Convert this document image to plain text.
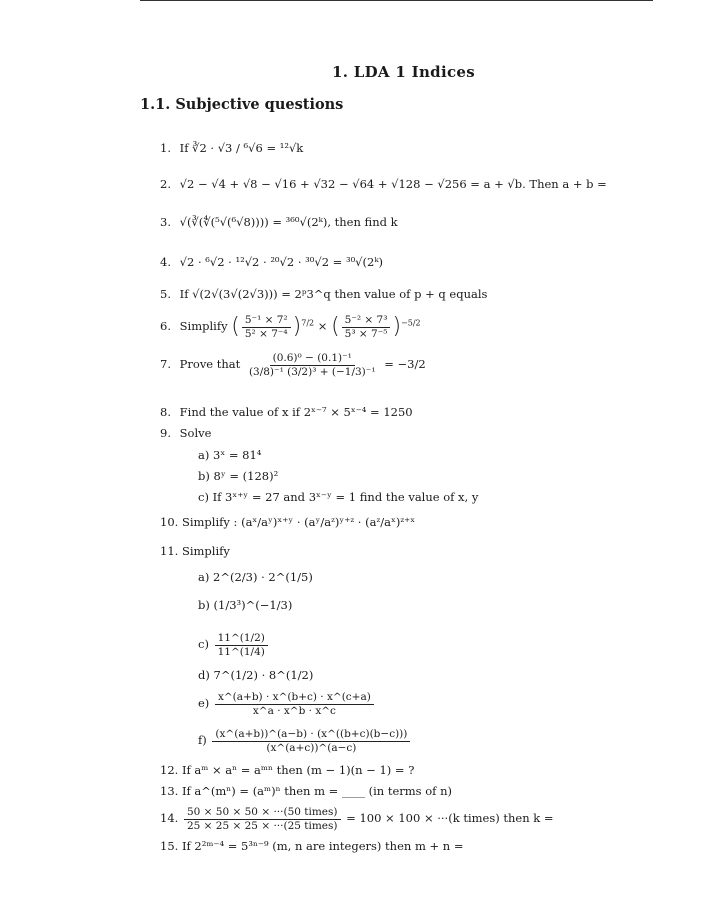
1. LDA 1 Indices
1.1. Subjective questions
1. If ∛2 · √3 / ⁶√6 = ¹²√k
2. √2 − √4 + √8 − √16 + √32 − √64 + √128 − √256 = a + √b. Then a + b =
3. √(∛(∜(⁵√(⁶√8)))) = ³⁶⁰√(2ᵏ), then find k
4. √2 · ⁶√2 · ¹²√2 · ²⁰√2 · ³⁰√2 = ³⁰√(2ᵏ)
5. If √(2√(3√(2√3))) = 2ᵖ3^q then value of p + q equals
6. Simplify ( $\frac{\text{5⁻¹ × 7²}}{\text{5² × 7⁻⁴}} )^{7/2}$ × ( $\frac{\text{5⁻² × 7³}}{\text{5³ × 7⁻⁵}} )^{-5/2}$
7. Prove that $\frac{\text{(0.6)⁰ − (0.1)⁻¹}}{\text{(3/8)⁻¹ (3/2)³ + (−1/3)⁻¹}} = -3/2$
8. Find the value of x if 2ˣ⁻⁷ × 5ˣ⁻⁴ = 1250
9. Solve
a) 3ˣ = 81⁴
b) 8ʸ = (128)²
c) If 3ˣ⁺ʸ = 27 and 3ˣ⁻ʸ = 1 find the value of x, y
10. Simplify : (aˣ/aʸ)ˣ⁺ʸ · (aʸ/aᶻ)ʸ⁺ᶻ · (aᶻ/aˣ)ᶻ⁺ˣ
11. Simplify
a) 2^(2/3) · 2^(1/5)
b) (1/3³)^(−1/3)
$c) \frac{11\^{}(1/2)}{11\^{}(1/4)}$
d) 7^(1/2) · 8^(1/2)
$e) \frac{x\^{}(a+b) \cdot x\^{}(b+c) \cdot x\^{}(c+a)}{x\^{}a \cdot x\^{}b \cdot x\^{}c}$
$f) \frac{(x\^{}(a+b))\^{}(a-b) \cdot (x\^{}((b+c)(b-c)))}{(x\^{}(a+c))\^{}(a-c)}$
12. If aᵐ × aⁿ = aᵐⁿ then (m − 1)(n − 1) = ?
13. If a^(mⁿ) = (aᵐ)ⁿ then m = ____ (in terms of n)
14. $\frac{\text{50 × 50 × 50 × ···(50 times)}}{\text{25 × 25 × 25 × ···(25 times)}} = 100 \times 100 \times \cdot\cdot\cdot(k$ times) then k =
15. If 2²ᵐ⁻⁴ = 5³ⁿ⁻⁹ (m, n are integers) then m + n =
